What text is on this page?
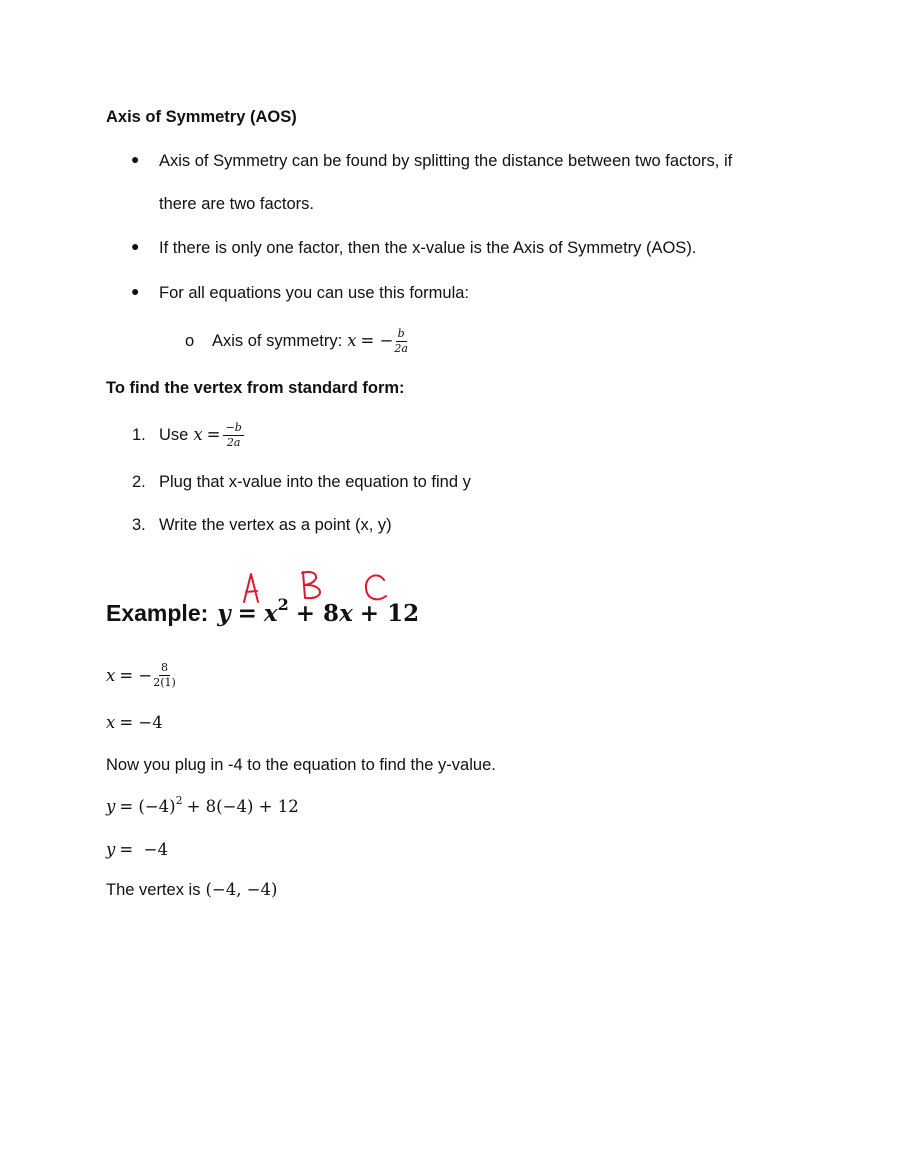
Axis of Symmetry (AOS)
● Axis of Symmetry can be found by splitting the distance between two factors, if
there are two factors.
● If there is only one factor, then the x-value is the Axis of Symmetry (AOS).
● For all equations you can use this formula:
o Axis of symmetry: x = − $\frac{b}{2a}$
To find the vertex from standard form:
1. Use $x = \frac{-b}{2a}$
2. Plug that x-value into the equation to find y
3. Write the vertex as a point (x, y)
Example: y = x 2 + 8 x + 12
x = − $\frac{8}{2(1)}$
x = −4
Now you plug in -4 to the equation to find the y-value.
y = (−4) 2 + 8(−4) + 12
y =  −4
The vertex is (−4, −4)
